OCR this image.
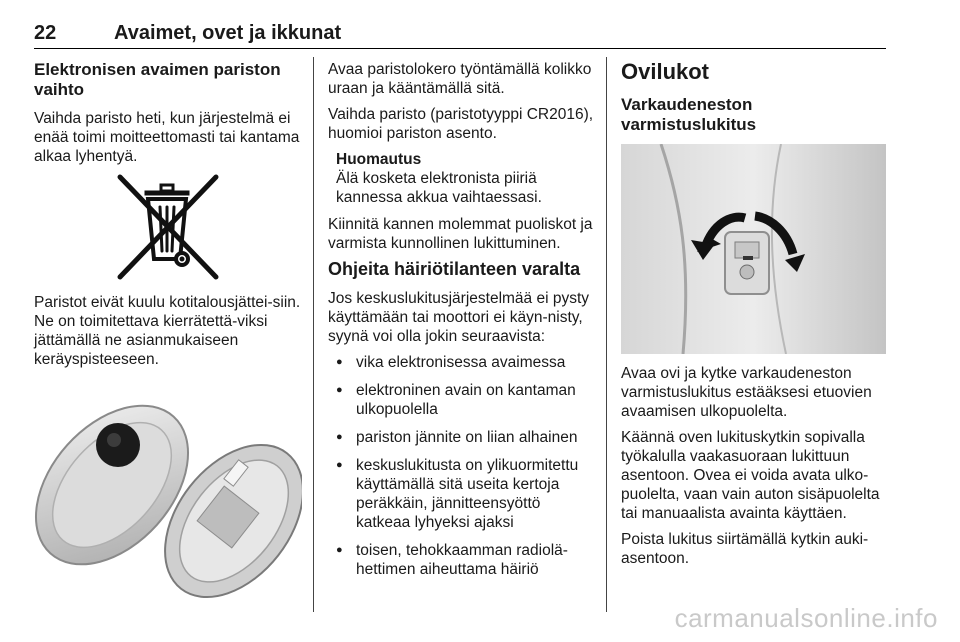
22	Avaimet, ovet ja ikkunat
Elektronisen avaimen pariston vaihto

Vaihda paristo heti, kun järjestelmä ei enää toimi moitteettomasti tai kantama alkaa lyhentyä.

Paristot eivät kuulu kotitalousjättei-siin. Ne on toimitettava kierrätettä-viksi jättämällä ne asianmukaiseen keräyspisteeseen.

Avaa paristolokero työntämällä kolikko uraan ja kääntämällä sitä.

Vaihda paristo (paristotyyppi CR2016), huomioi pariston asento.

Huomautus
Älä kosketa elektronista piiriä kannessa akkua vaihtaessasi.

Kiinnitä kannen molemmat puoliskot ja varmista kunnollinen lukittuminen.

Ohjeita häiriötilanteen varalta

Jos keskuslukitusjärjestelmää ei pysty käyttämään tai moottori ei käyn-nisty, syynä voi olla jokin seuraavista:

● vika elektronisessa avaimessa
● elektroninen avain on kantaman ulkopuolella
● pariston jännite on liian alhainen
● keskuslukitusta on ylikuormitettu käyttämällä sitä useita kertoja peräkkäin, jännitteensyöttö katkeaa lyhyeksi ajaksi
● toisen, tehokkaamman radiolä-hettimen aiheuttama häiriö
Ovilukot
Varkaudeneston varmistuslukitus

Avaa ovi ja kytke varkaudeneston varmistuslukitus estääksesi etuovien avaamisen ulkopuolelta.

Käännä oven lukituskytkin sopivalla työkalulla vaakasuoraan lukittuun asentoon. Ovea ei voida avata ulko-puolelta, vaan vain auton sisäpuolelta tai manuaalista avainta käyttäen.

Poista lukitus siirtämällä kytkin auki-asentoon.

carmanualsonline.info
